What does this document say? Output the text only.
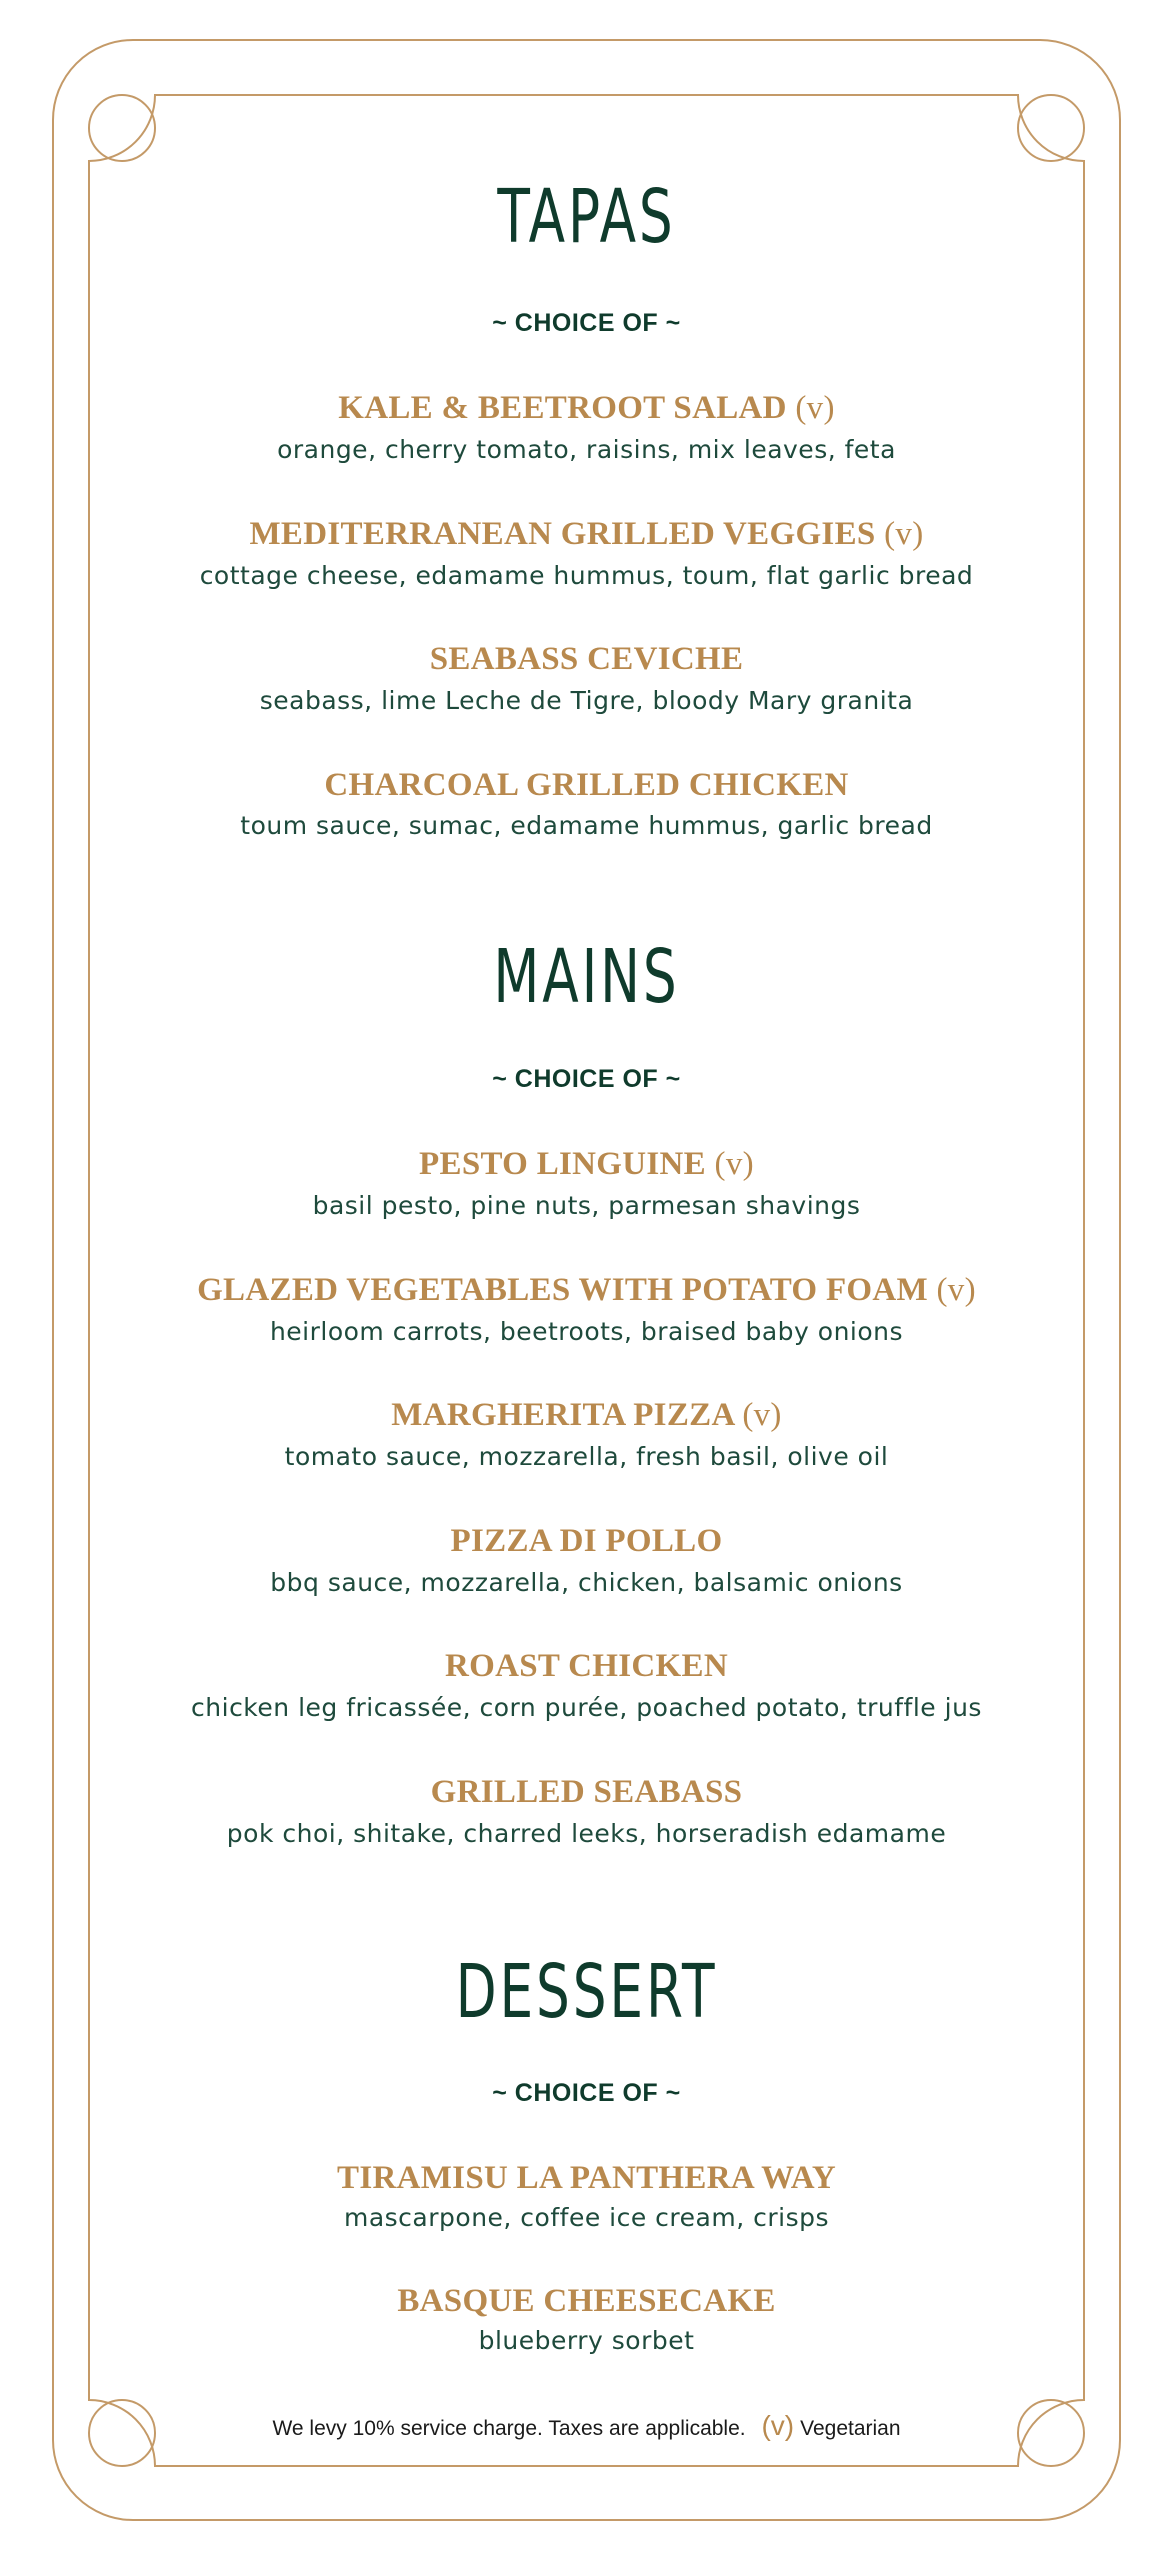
TAPAS
~ CHOICE OF ~
KALE & BEETROOT SALAD (v)
orange, cherry tomato, raisins, mix leaves, feta
MEDITERRANEAN GRILLED VEGGIES (v)
cottage cheese, edamame hummus, toum, flat garlic bread
SEABASS CEVICHE
seabass, lime Leche de Tigre, bloody Mary granita
CHARCOAL GRILLED CHICKEN
toum sauce, sumac, edamame hummus, garlic bread
MAINS
~ CHOICE OF ~
PESTO LINGUINE (v)
basil pesto, pine nuts, parmesan shavings
GLAZED VEGETABLES WITH POTATO FOAM (v)
heirloom carrots, beetroots, braised baby onions
MARGHERITA PIZZA (v)
tomato sauce, mozzarella, fresh basil, olive oil
PIZZA DI POLLO
bbq sauce, mozzarella, chicken, balsamic onions
ROAST CHICKEN
chicken leg fricassée, corn purée, poached potato, truffle jus
GRILLED SEABASS
pok choi, shitake, charred leeks, horseradish edamame
DESSERT
~ CHOICE OF ~
TIRAMISU LA PANTHERA WAY
mascarpone, coffee ice cream, crisps
BASQUE CHEESECAKE
blueberry sorbet
We levy 10% service charge. Taxes are applicable. (v) Vegetarian
